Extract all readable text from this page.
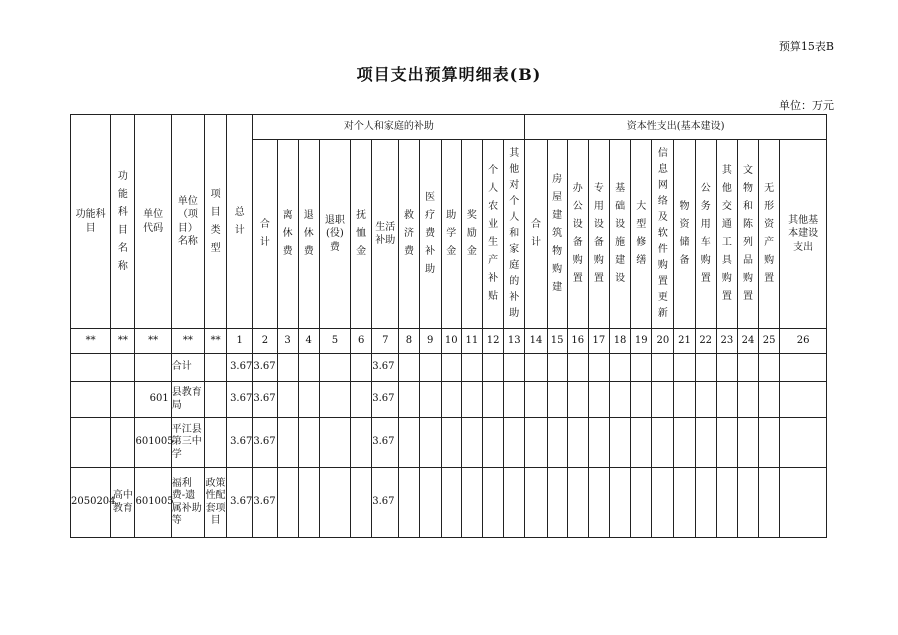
预算15表B
项目支出预算明细表(B)
单位：万元
功能科目	功能科目名称	单位代码	单位（项目）名称	项目类型	总计	对个人和家庭的补助												资本性支出(基本建设)												
						合计	离休费	退休费	退职(役)费	抚恤金	生活补助	救济费	医疗费补助	助学金	奖励金	个人农业生产补贴	其他对个人和家庭的补助	合计	房屋建筑物购建	办公设备购置	专用设备购置	基础设施建设	大型修缮	信息网络及软件购置更新	物资储备	公务用车购置	其他交通工具购置	文物和陈列品购置	无形资产购置	其他基本建设支出
**	**	**	**	**	1	2	3	4	5	6	7	8	9	10	11	12	13	14	15	16	17	18	19	20	21	22	23	24	25	26
			合计		3.67	3.67					3.67																			
		601	县教育局		3.67	3.67					3.67																			
		601005	平江县第三中学		3.67	3.67					3.67																			
2050204	高中教育	601005	福利费-遗属补助等	政策性配套项目	3.67	3.67					3.67																			
